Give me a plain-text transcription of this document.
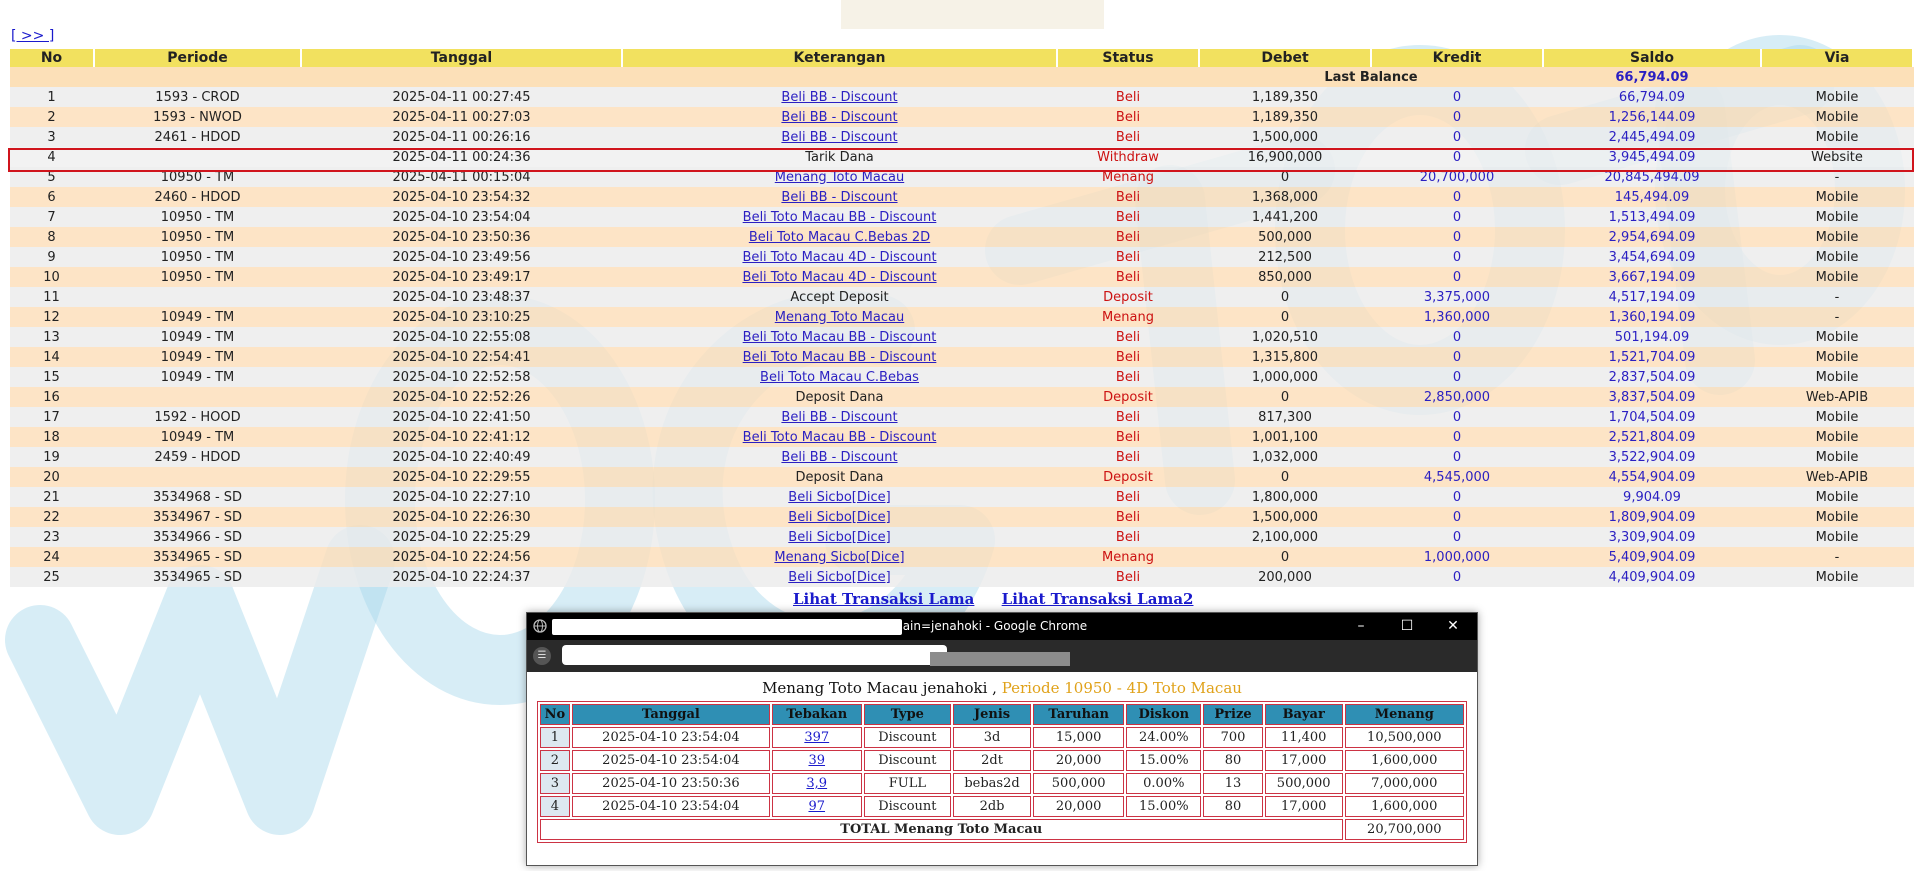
[ >> ]
No	Periode	Tanggal	Keterangan	Status	Debet	Kredit	Saldo	Via
					Last Balance		66,794.09	
1	1593 - CROD	2025-04-11 00:27:45	Beli BB - Discount	Beli	1,189,350	0	66,794.09	Mobile
2	1593 - NWOD	2025-04-11 00:27:03	Beli BB - Discount	Beli	1,189,350	0	1,256,144.09	Mobile
3	2461 - HDOD	2025-04-11 00:26:16	Beli BB - Discount	Beli	1,500,000	0	2,445,494.09	Mobile
4		2025-04-11 00:24:36	Tarik Dana	Withdraw	16,900,000	0	3,945,494.09	Website
5	10950 - TM	2025-04-11 00:15:04	Menang Toto Macau	Menang	0	20,700,000	20,845,494.09	-
6	2460 - HDOD	2025-04-10 23:54:32	Beli BB - Discount	Beli	1,368,000	0	145,494.09	Mobile
7	10950 - TM	2025-04-10 23:54:04	Beli Toto Macau BB - Discount	Beli	1,441,200	0	1,513,494.09	Mobile
8	10950 - TM	2025-04-10 23:50:36	Beli Toto Macau C.Bebas 2D	Beli	500,000	0	2,954,694.09	Mobile
9	10950 - TM	2025-04-10 23:49:56	Beli Toto Macau 4D - Discount	Beli	212,500	0	3,454,694.09	Mobile
10	10950 - TM	2025-04-10 23:49:17	Beli Toto Macau 4D - Discount	Beli	850,000	0	3,667,194.09	Mobile
11		2025-04-10 23:48:37	Accept Deposit	Deposit	0	3,375,000	4,517,194.09	-
12	10949 - TM	2025-04-10 23:10:25	Menang Toto Macau	Menang	0	1,360,000	1,360,194.09	-
13	10949 - TM	2025-04-10 22:55:08	Beli Toto Macau BB - Discount	Beli	1,020,510	0	501,194.09	Mobile
14	10949 - TM	2025-04-10 22:54:41	Beli Toto Macau BB - Discount	Beli	1,315,800	0	1,521,704.09	Mobile
15	10949 - TM	2025-04-10 22:52:58	Beli Toto Macau C.Bebas	Beli	1,000,000	0	2,837,504.09	Mobile
16		2025-04-10 22:52:26	Deposit Dana	Deposit	0	2,850,000	3,837,504.09	Web-APIB
17	1592 - HOOD	2025-04-10 22:41:50	Beli BB - Discount	Beli	817,300	0	1,704,504.09	Mobile
18	10949 - TM	2025-04-10 22:41:12	Beli Toto Macau BB - Discount	Beli	1,001,100	0	2,521,804.09	Mobile
19	2459 - HDOD	2025-04-10 22:40:49	Beli BB - Discount	Beli	1,032,000	0	3,522,904.09	Mobile
20		2025-04-10 22:29:55	Deposit Dana	Deposit	0	4,545,000	4,554,904.09	Web-APIB
21	3534968 - SD	2025-04-10 22:27:10	Beli Sicbo[Dice]	Beli	1,800,000	0	9,904.09	Mobile
22	3534967 - SD	2025-04-10 22:26:30	Beli Sicbo[Dice]	Beli	1,500,000	0	1,809,904.09	Mobile
23	3534966 - SD	2025-04-10 22:25:29	Beli Sicbo[Dice]	Beli	2,100,000	0	3,309,904.09	Mobile
24	3534965 - SD	2025-04-10 22:24:56	Menang Sicbo[Dice]	Menang	0	1,000,000	5,409,904.09	-
25	3534965 - SD	2025-04-10 22:24:37	Beli Sicbo[Dice]	Beli	200,000	0	4,409,904.09	Mobile
Lihat Transaksi Lama Lihat Transaksi Lama2
pemain=jenahoki - Google Chrome	–	☐	✕
☰
Menang Toto Macau jenahoki , Periode 10950 - 4D Toto Macau
No	Tanggal	Tebakan	Type	Jenis	Taruhan	Diskon	Prize	Bayar	Menang
1	2025-04-10 23:54:04	397	Discount	3d	15,000	24.00%	700	11,400	10,500,000
2	2025-04-10 23:54:04	39	Discount	2dt	20,000	15.00%	80	17,000	1,600,000
3	2025-04-10 23:50:36	3,9	FULL	bebas2d	500,000	0.00%	13	500,000	7,000,000
4	2025-04-10 23:54:04	97	Discount	2db	20,000	15.00%	80	17,000	1,600,000
TOTAL Menang Toto Macau									20,700,000
